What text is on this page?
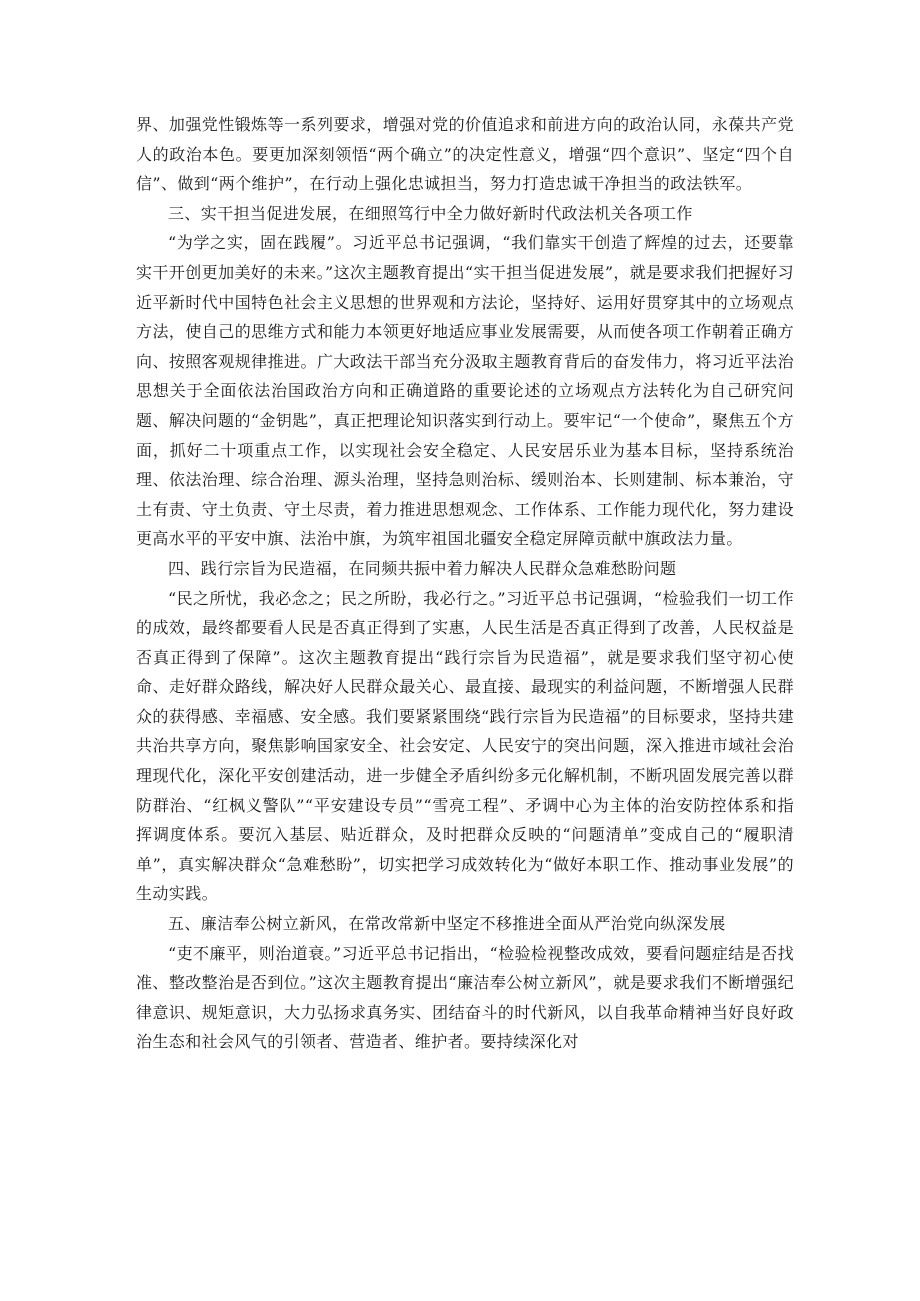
界、加强党性锻炼等一系列要求，增强对党的价值追求和前进方向的政治认同，永葆共产党人的政治本色。要更加深刻领悟“两个确立”的决定性意义，增强“四个意识”、坚定“四个自信”、做到“两个维护”，在行动上强化忠诚担当，努力打造忠诚干净担当的政法铁军。

三、实干担当促进发展，在细照笃行中全力做好新时代政法机关各项工作

“为学之实，固在践履”。习近平总书记强调，“我们靠实干创造了辉煌的过去，还要靠实干开创更加美好的未来。”这次主题教育提出“实干担当促进发展”，就是要求我们把握好习近平新时代中国特色社会主义思想的世界观和方法论，坚持好、运用好贯穿其中的立场观点方法，使自己的思维方式和能力本领更好地适应事业发展需要，从而使各项工作朝着正确方向、按照客观规律推进。广大政法干部当充分汲取主题教育背后的奋发伟力，将习近平法治思想关于全面依法治国政治方向和正确道路的重要论述的立场观点方法转化为自己研究问题、解决问题的“金钥匙”，真正把理论知识落实到行动上。要牢记“一个使命”，聚焦五个方面，抓好二十项重点工作，以实现社会安全稳定、人民安居乐业为基本目标，坚持系统治理、依法治理、综合治理、源头治理，坚持急则治标、缓则治本、长则建制、标本兼治，守土有责、守土负责、守土尽责，着力推进思想观念、工作体系、工作能力现代化，努力建设更高水平的平安中旗、法治中旗，为筑牢祖国北疆安全稳定屏障贡献中旗政法力量。

四、践行宗旨为民造福，在同频共振中着力解决人民群众急难愁盼问题

“民之所忧，我必念之；民之所盼，我必行之。”习近平总书记强调，“检验我们一切工作的成效，最终都要看人民是否真正得到了实惠，人民生活是否真正得到了改善，人民权益是否真正得到了保障”。这次主题教育提出“践行宗旨为民造福”，就是要求我们坚守初心使命、走好群众路线，解决好人民群众最关心、最直接、最现实的利益问题，不断增强人民群众的获得感、幸福感、安全感。我们要紧紧围绕“践行宗旨为民造福”的目标要求，坚持共建共治共享方向，聚焦影响国家安全、社会安定、人民安宁的突出问题，深入推进市域社会治理现代化，深化平安创建活动，进一步健全矛盾纠纷多元化解机制，不断巩固发展完善以群防群治、“红枫义警队”“平安建设专员”“雪亮工程”、矛调中心为主体的治安防控体系和指挥调度体系。要沉入基层、贴近群众，及时把群众反映的“问题清单”变成自己的“履职清单”，真实解决群众“急难愁盼”，切实把学习成效转化为“做好本职工作、推动事业发展”的生动实践。

五、廉洁奉公树立新风，在常改常新中坚定不移推进全面从严治党向纵深发展

“吏不廉平，则治道衰。”习近平总书记指出，“检验检视整改成效，要看问题症结是否找准、整改整治是否到位。”这次主题教育提出“廉洁奉公树立新风”，就是要求我们不断增强纪律意识、规矩意识，大力弘扬求真务实、团结奋斗的时代新风，以自我革命精神当好良好政治生态和社会风气的引领者、营造者、维护者。要持续深化对
